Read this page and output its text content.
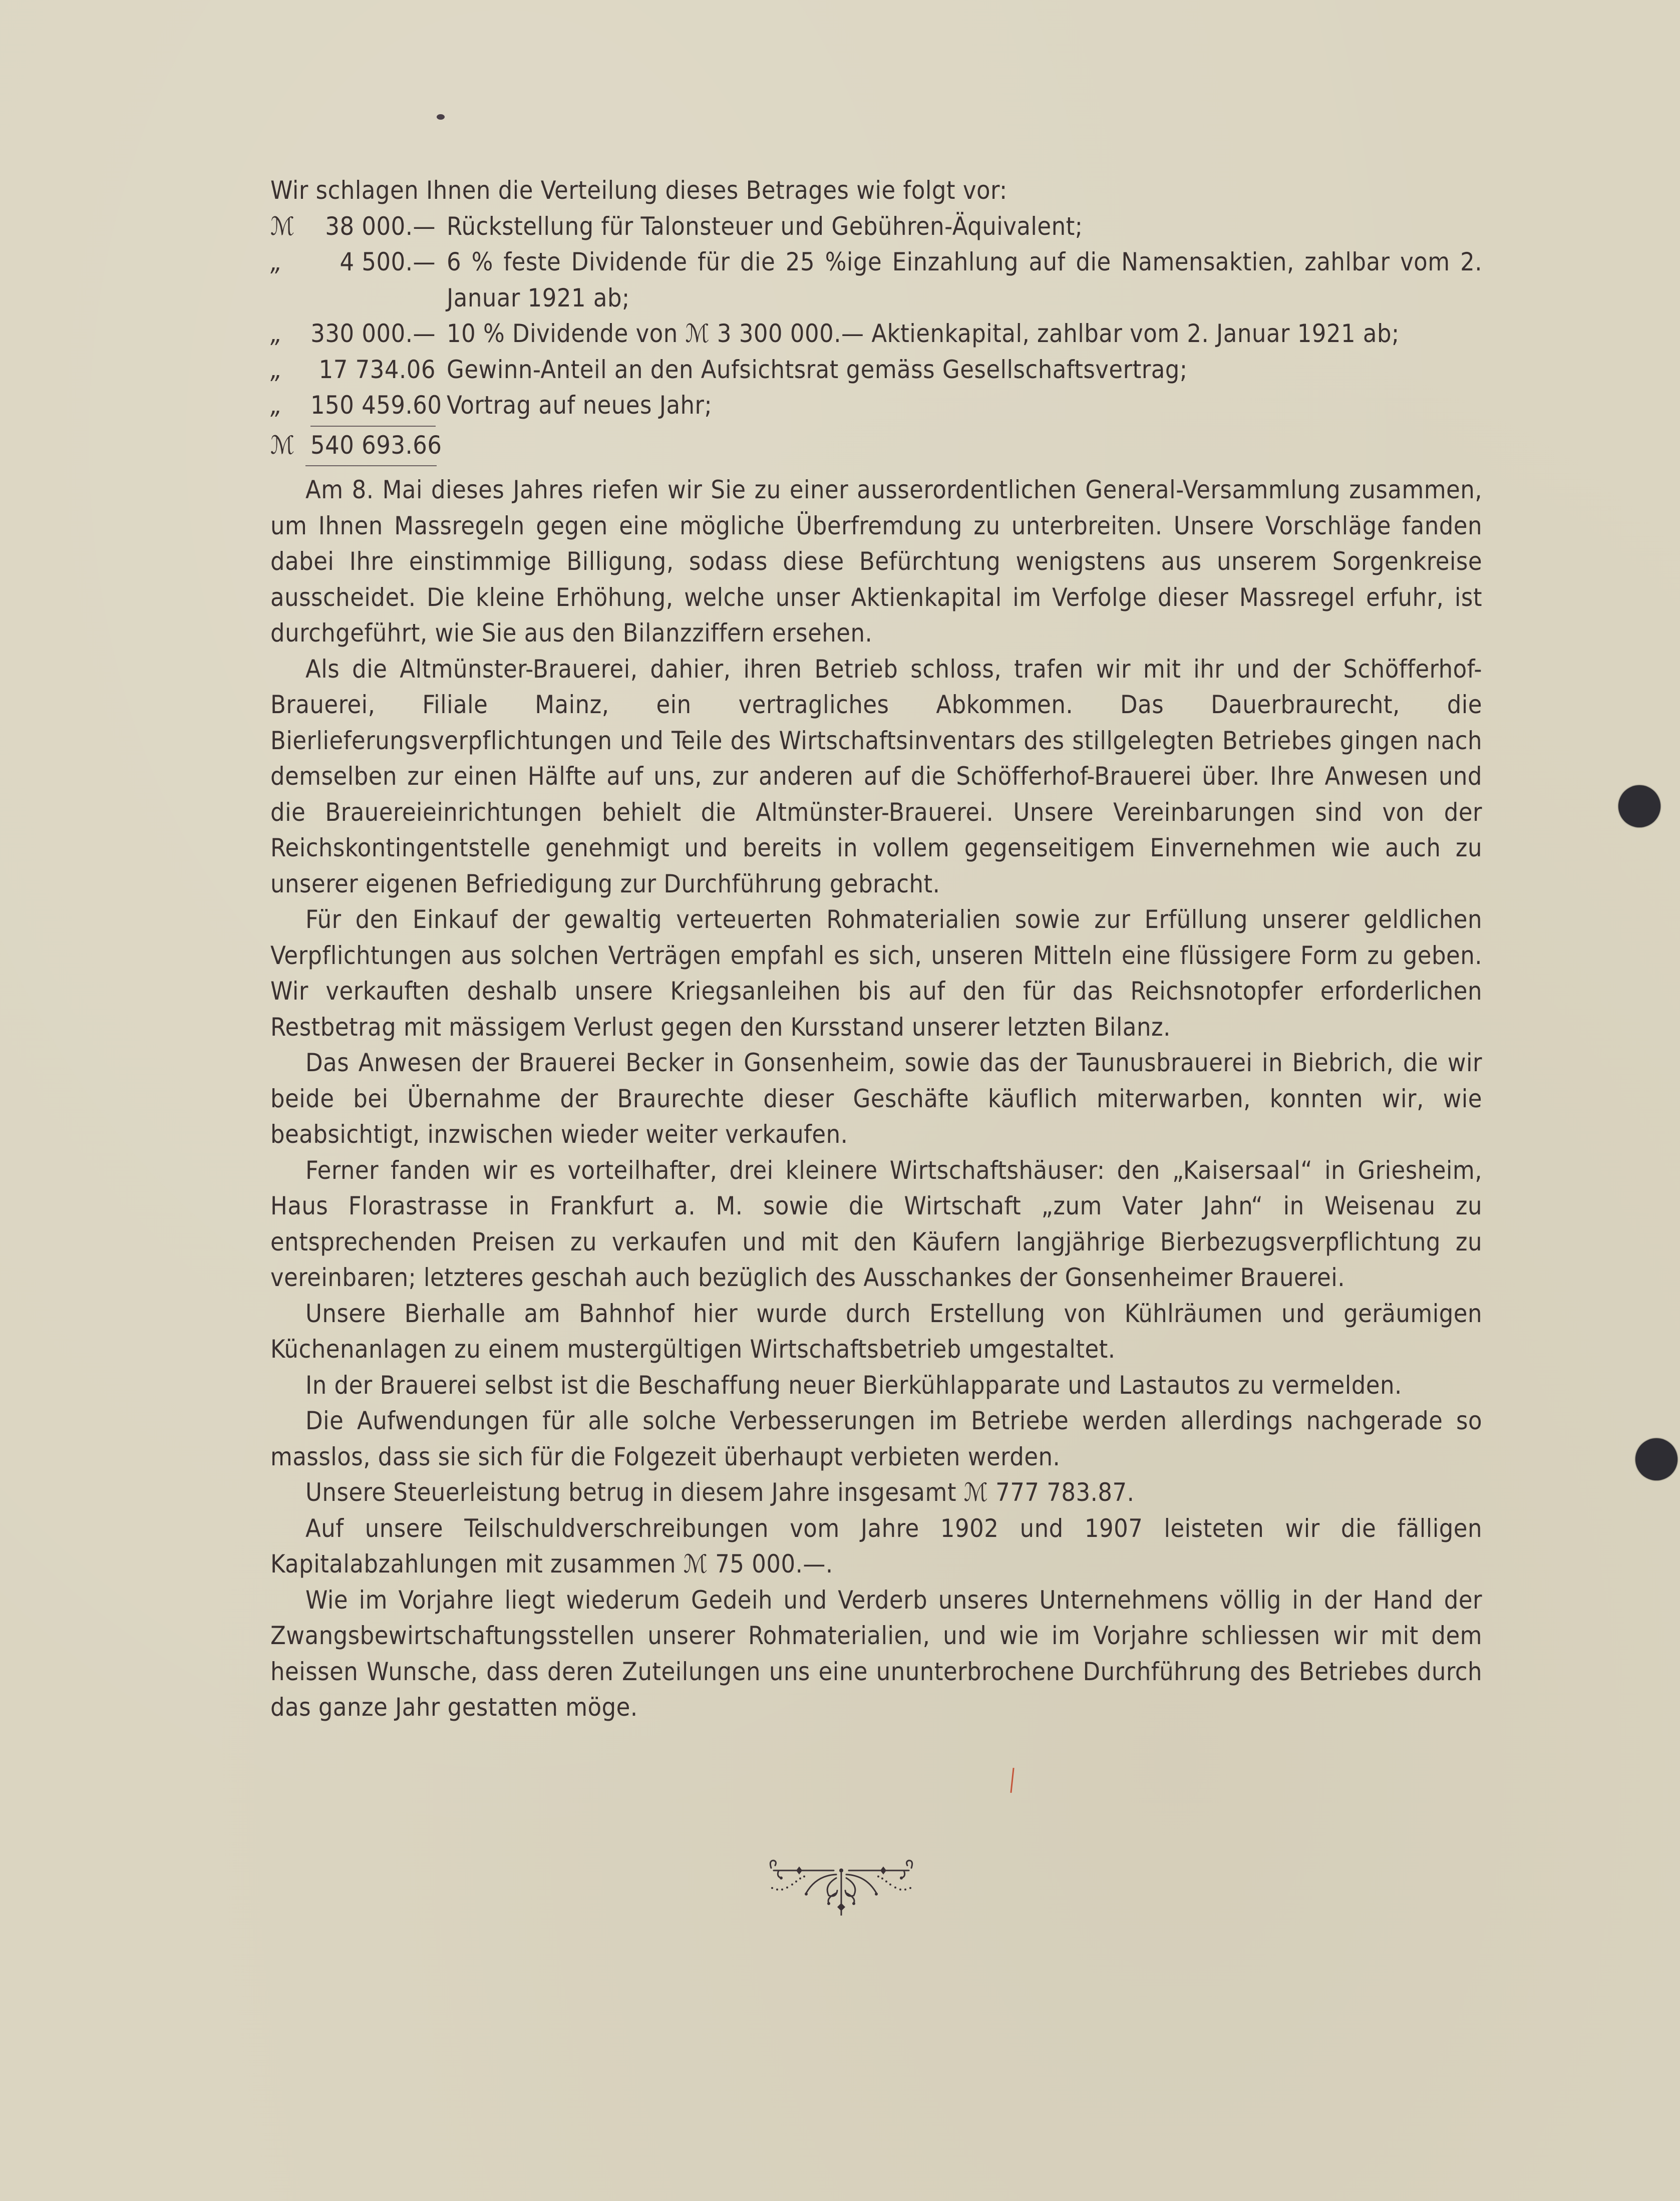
Wir schlagen Ihnen die Verteilung dieses Betrages wie folgt vor:

ℳ	38 000.— Rückstellung für Talonsteuer und Gebühren-Äquivalent;
„	4 500.— 6 % feste Dividende für die 25 %ige Einzahlung auf die Namensaktien, zahlbar vom 2. Januar 1921 ab;
„	330 000.— 10 % Dividende von ℳ 3 300 000.— Aktienkapital, zahlbar vom 2. Januar 1921 ab;
„	17 734.06 Gewinn-Anteil an den Aufsichtsrat gemäss Gesellschaftsvertrag;
„	150 459.60 Vortrag auf neues Jahr;
ℳ 540 693.66

Am 8. Mai dieses Jahres riefen wir Sie zu einer ausserordentlichen General-Versammlung zusammen, um Ihnen Massregeln gegen eine mögliche Überfremdung zu unterbreiten. Unsere Vorschläge fanden dabei Ihre einstimmige Billigung, sodass diese Befürchtung wenigstens aus unserem Sorgenkreise ausscheidet. Die kleine Erhöhung, welche unser Aktienkapital im Verfolge dieser Massregel erfuhr, ist durchgeführt, wie Sie aus den Bilanzziffern ersehen.

Als die Altmünster-Brauerei, dahier, ihren Betrieb schloss, trafen wir mit ihr und der Schöfferhof-Brauerei, Filiale Mainz, ein vertragliches Abkommen. Das Dauerbraurecht, die Bierlieferungsverpflichtungen und Teile des Wirtschaftsinventars des stillgelegten Betriebes gingen nach demselben zur einen Hälfte auf uns, zur anderen auf die Schöfferhof-Brauerei über. Ihre Anwesen und die Brauereieinrichtungen behielt die Altmünster-Brauerei. Unsere Vereinbarungen sind von der Reichskontingentstelle genehmigt und bereits in vollem gegenseitigem Einvernehmen wie auch zu unserer eigenen Befriedigung zur Durchführung gebracht.

Für den Einkauf der gewaltig verteuerten Rohmaterialien sowie zur Erfüllung unserer geldlichen Verpflichtungen aus solchen Verträgen empfahl es sich, unseren Mitteln eine flüssigere Form zu geben. Wir verkauften deshalb unsere Kriegsanleihen bis auf den für das Reichsnotopfer erforderlichen Restbetrag mit mässigem Verlust gegen den Kursstand unserer letzten Bilanz.

Das Anwesen der Brauerei Becker in Gonsenheim, sowie das der Taunusbrauerei in Biebrich, die wir beide bei Übernahme der Braurechte dieser Geschäfte käuflich miterwarben, konnten wir, wie beabsichtigt, inzwischen wieder weiter verkaufen.

Ferner fanden wir es vorteilhafter, drei kleinere Wirtschaftshäuser: den „Kaisersaal“ in Griesheim, Haus Florastrasse in Frankfurt a. M. sowie die Wirtschaft „zum Vater Jahn“ in Weisenau zu entsprechenden Preisen zu verkaufen und mit den Käufern langjährige Bierbezugsverpflichtung zu vereinbaren; letzteres geschah auch bezüglich des Ausschankes der Gonsenheimer Brauerei.

Unsere Bierhalle am Bahnhof hier wurde durch Erstellung von Kühlräumen und geräumigen Küchenanlagen zu einem mustergültigen Wirtschaftsbetrieb umgestaltet.

In der Brauerei selbst ist die Beschaffung neuer Bierkühlapparate und Lastautos zu vermelden.

Die Aufwendungen für alle solche Verbesserungen im Betriebe werden allerdings nachgerade so masslos, dass sie sich für die Folgezeit überhaupt verbieten werden.

Unsere Steuerleistung betrug in diesem Jahre insgesamt ℳ 777 783.87.

Auf unsere Teilschuldverschreibungen vom Jahre 1902 und 1907 leisteten wir die fälligen Kapitalabzahlungen mit zusammen ℳ 75 000.—.

Wie im Vorjahre liegt wiederum Gedeih und Verderb unseres Unternehmens völlig in der Hand der Zwangsbewirtschaftungsstellen unserer Rohmaterialien, und wie im Vorjahre schliessen wir mit dem heissen Wunsche, dass deren Zuteilungen uns eine ununterbrochene Durchführung des Betriebes durch das ganze Jahr gestatten möge.
